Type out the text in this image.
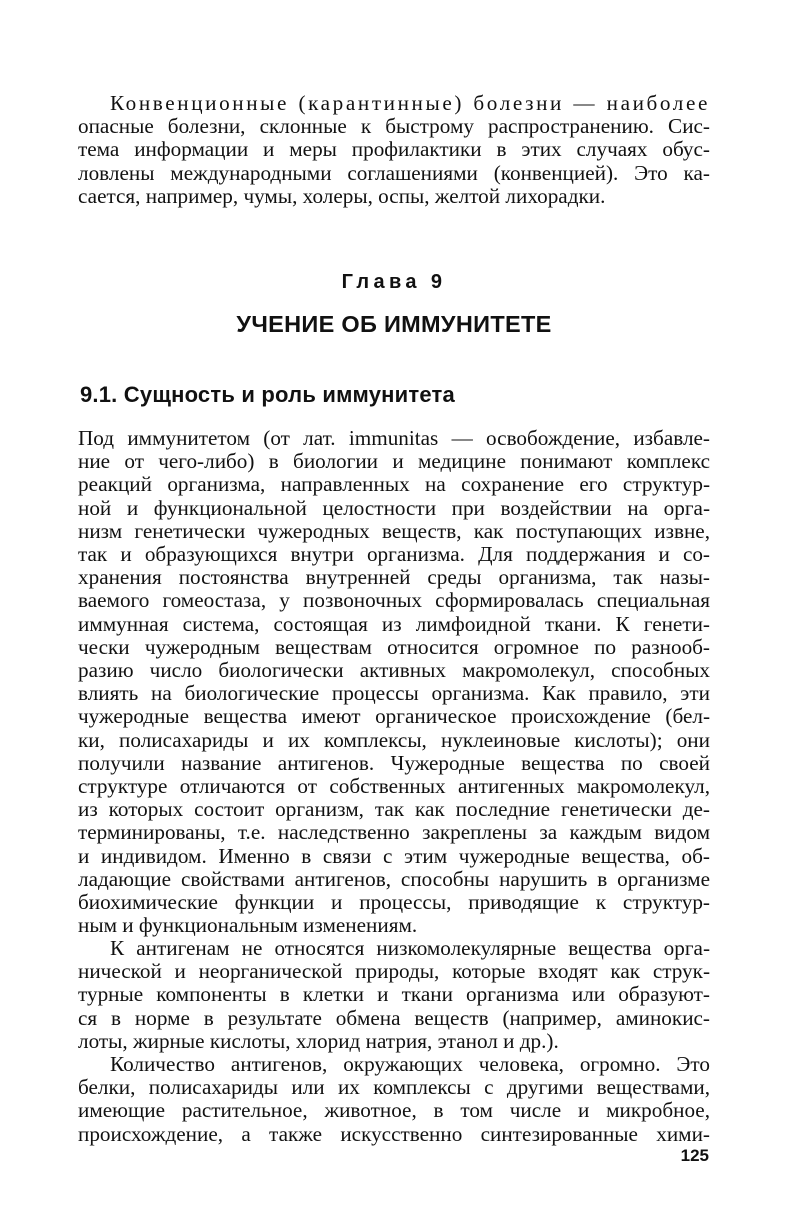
Конвенционные (карантинные) болезни — наиболее
опасные болезни, склонные к быстрому распространению. Сис-
тема информации и меры профилактики в этих случаях обус-
ловлены международными соглашениями (конвенцией). Это ка-
сается, например, чумы, холеры, оспы, желтой лихорадки.
Глава 9
УЧЕНИЕ ОБ ИММУНИТЕТЕ
9.1. Сущность и роль иммунитета
Под иммунитетом (от лат. immunitas — освобождение, избавле-
ние от чего-либо) в биологии и медицине понимают комплекс
реакций организма, направленных на сохранение его структур-
ной и функциональной целостности при воздействии на орга-
низм генетически чужеродных веществ, как поступающих извне,
так и образующихся внутри организма. Для поддержания и со-
хранения постоянства внутренней среды организма, так назы-
ваемого гомеостаза, у позвоночных сформировалась специальная
иммунная система, состоящая из лимфоидной ткани. К генети-
чески чужеродным веществам относится огромное по разнооб-
разию число биологически активных макромолекул, способных
влиять на биологические процессы организма. Как правило, эти
чужеродные вещества имеют органическое происхождение (бел-
ки, полисахариды и их комплексы, нуклеиновые кислоты); они
получили название антигенов. Чужеродные вещества по своей
структуре отличаются от собственных антигенных макромолекул,
из которых состоит организм, так как последние генетически де-
терминированы, т.е. наследственно закреплены за каждым видом
и индивидом. Именно в связи с этим чужеродные вещества, об-
ладающие свойствами антигенов, способны нарушить в организме
биохимические функции и процессы, приводящие к структур-
ным и функциональным изменениям.
К антигенам не относятся низкомолекулярные вещества орга-
нической и неорганической природы, которые входят как струк-
турные компоненты в клетки и ткани организма или образуют-
ся в норме в результате обмена веществ (например, аминокис-
лоты, жирные кислоты, хлорид натрия, этанол и др.).
Количество антигенов, окружающих человека, огромно. Это
белки, полисахариды или их комплексы с другими веществами,
имеющие растительное, животное, в том числе и микробное,
происхождение, а также искусственно синтезированные хими-
125
